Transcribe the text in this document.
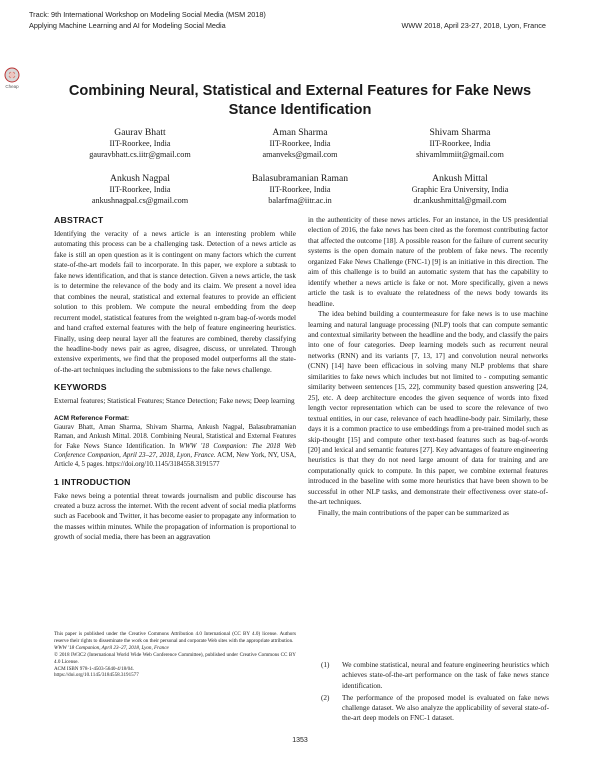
Track: 9th International Workshop on Modeling Social Media (MSM 2018)
Applying Machine Learning and AI for Modeling Social Media	WWW 2018, April 23-27, 2018, Lyon, France
Cheap	Combining Neural, Statistical and External Features for Fake News Stance Identification
Gaurav Bhatt
IIT-Roorkee, India
gauravbhatt.cs.iitr@gmail.com
Aman Sharma
IIT-Roorkee, India
amanveks@gmail.com
Shivam Sharma
IIT-Roorkee, India
shivamlmmiit@gmail.com
Ankush Nagpal
IIT-Roorkee, India
ankushnagpal.cs@gmail.com
Balasubramanian Raman
IIT-Roorkee, India
balarfma@iitr.ac.in
Ankush Mittal
Graphic Era University, India
dr.ankushmittal@gmail.com
ABSTRACT

Identifying the veracity of a news article is an interesting problem while automating this process can be a challenging task. Detection of a news article as fake is still an open question as it is contingent on many factors which the current state-of-the-art models fail to incorporate. In this paper, we explore a subtask to fake news identification, and that is stance detection. Given a news article, the task is to determine the relevance of the body and its claim. We present a novel idea that combines the neural, statistical and external features to provide an efficient solution to this problem. We compute the neural embedding from the deep recurrent model, statistical features from the weighted n-gram bag-of-words model and hand crafted external features with the help of feature engineering heuristics. Finally, using deep neural layer all the features are combined, thereby classifying the headline-body news pair as agree, disagree, discuss, or unrelated. Through extensive experiments, we find that the proposed model outperforms all the state-of-the-art techniques including the submissions to the fake news challenge.

KEYWORDS

External features; Statistical Features; Stance Detection; Fake news; Deep learning

ACM Reference Format:
Gaurav Bhatt, Aman Sharma, Shivam Sharma, Ankush Nagpal, Balasubramanian Raman, and Ankush Mittal. 2018. Combining Neural, Statistical and External Features for Fake News Stance Identification. In WWW '18 Companion: The 2018 Web Conference Companion, April 23–27, 2018, Lyon, France. ACM, New York, NY, USA, Article 4, 5 pages. https://doi.org/10.1145/3184558.3191577

1 INTRODUCTION

Fake news being a potential threat towards journalism and public discourse has created a buzz across the internet. With the recent advent of social media platforms such as Facebook and Twitter, it has become easier to propagate any information to the masses within minutes. While the propagation of information is proportional to growth of social media, there has been an aggravation

This paper is published under the Creative Commons Attribution 4.0 International (CC BY 4.0) license. Authors reserve their rights to disseminate the work on their personal and corporate Web sites with the appropriate attribution.
WWW '18 Companion, April 23–27, 2018, Lyon, France
© 2018 IW3C2 (International World Wide Web Conference Committee), published under Creative Commons CC BY 4.0 License.
ACM ISBN 978-1-4503-5640-4/18/04.
https://doi.org/10.1145/3184558.3191577

in the authenticity of these news articles. For an instance, in the US presidential election of 2016, the fake news has been cited as the foremost contributing factor that affected the outcome [18]. A possible reason for the failure of current security systems is the open domain nature of the problem of fake news. The recently organized Fake News Challenge (FNC-1) [9] is an initiative in this direction. The aim of this challenge is to build an automatic system that has the capability to identify whether a news article is fake or not. More specifically, given a news article the task is to evaluate the relatedness of the news body towards its headline.

The idea behind building a countermeasure for fake news is to use machine learning and natural language processing (NLP) tools that can compute semantic and contextual similarity between the headline and the body, and classify the pairs into one of four categories. Deep learning models such as recurrent neural networks (RNN) and its variants [7, 13, 17] and convolution neural networks (CNN) [14] have been efficacious in solving many NLP problems that share similarities to fake news which includes but not limited to - computing semantic similarity between sentences [15, 22], community based question answering [24, 25], etc. A deep architecture encodes the given sequence of words into fixed length vector representation which can be used to score the relevance of two textual entities, in our case, relevance of each headline-body pair. Similarly, these days it is a common practice to use embeddings from a pre-trained model such as skip-thought [15] and compute other text-based features such as bag-of-words [20] and lexical and semantic features [27]. Key advantages of feature engineering heuristics is that they do not need large amount of data for training and are computationally quick to compute. In this paper, we combine external features introduced in the baseline with some more heuristics that have been shown to be successful in other NLP tasks, and demonstrate their effectiveness over state-of-the-art techniques.

Finally, the main contributions of the paper can be summarized as

(1) We combine statistical, neural and feature engineering heuristics which achieves state-of-the-art performance on the task of fake news stance identification.
(2) The performance of the proposed model is evaluated on fake news challenge dataset. We also analyze the applicability of several state-of-the-art deep models on FNC-1 dataset.
1353
